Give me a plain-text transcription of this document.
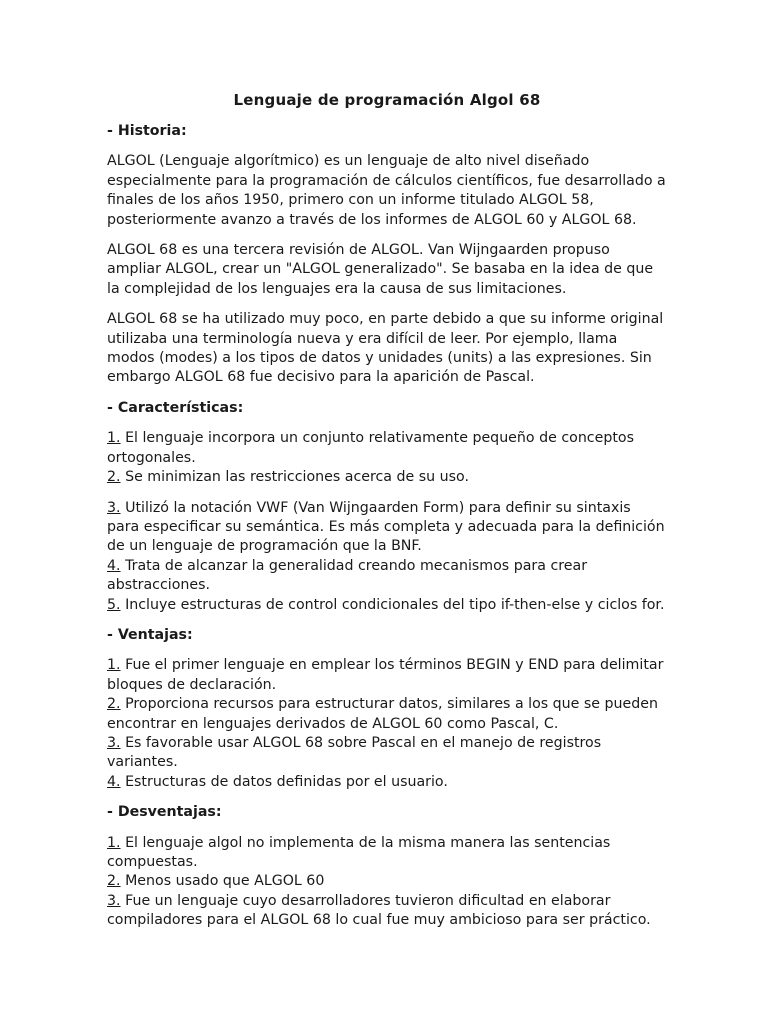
Lenguaje de programación Algol 68
- Historia:

ALGOL (Lenguaje algorítmico) es un lenguaje de alto nivel diseñado especialmente para la programación de cálculos científicos, fue desarrollado a finales de los años 1950, primero con un informe titulado ALGOL 58, posteriormente avanzo a través de los informes de ALGOL 60 y ALGOL 68.

ALGOL 68 es una tercera revisión de ALGOL. Van Wijngaarden propuso ampliar ALGOL, crear un "ALGOL generalizado". Se basaba en la idea de que la complejidad de los lenguajes era la causa de sus limitaciones.

ALGOL 68 se ha utilizado muy poco, en parte debido a que su informe original utilizaba una terminología nueva y era difícil de leer. Por ejemplo, llama modos (modes) a los tipos de datos y unidades (units) a las expresiones. Sin embargo ALGOL 68 fue decisivo para la aparición de Pascal.

- Características:
1. El lenguaje incorpora un conjunto relativamente pequeño de conceptos ortogonales.
2. Se minimizan las restricciones acerca de su uso.
3. Utilizó la notación VWF (Van Wijngaarden Form) para definir su sintaxis para especificar su semántica. Es más completa y adecuada para la definición de un lenguaje de programación que la BNF.
4. Trata de alcanzar la generalidad creando mecanismos para crear abstracciones.
5. Incluye estructuras de control condicionales del tipo if-then-else y ciclos for.
- Ventajas:
1. Fue el primer lenguaje en emplear los términos BEGIN y END para delimitar bloques de declaración.
2. Proporciona recursos para estructurar datos, similares a los que se pueden encontrar en lenguajes derivados de ALGOL 60 como Pascal, C.
3. Es favorable usar ALGOL 68 sobre Pascal en el manejo de registros variantes.
4. Estructuras de datos definidas por el usuario.
- Desventajas:
1. El lenguaje algol no implementa de la misma manera las sentencias compuestas.
2. Menos usado que ALGOL 60
3. Fue un lenguaje cuyo desarrolladores tuvieron dificultad en elaborar compiladores para el ALGOL 68 lo cual fue muy ambicioso para ser práctico.
